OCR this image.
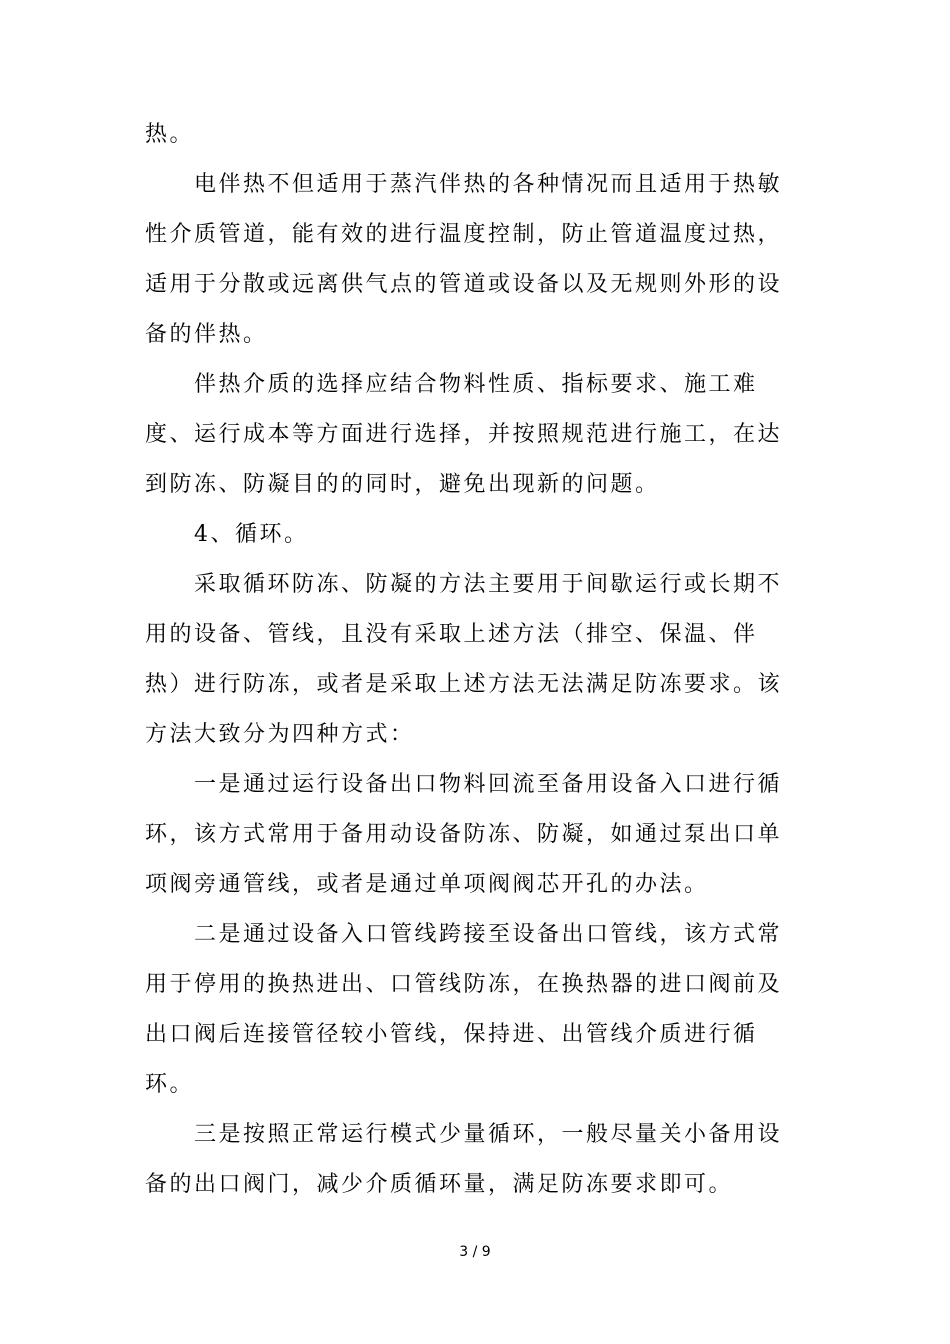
热。
电伴热不但适用于蒸汽伴热的各种情况而且适用于热敏
性介质管道，能有效的进行温度控制，防止管道温度过热，
适用于分散或远离供气点的管道或设备以及无规则外形的设
备的伴热。
伴热介质的选择应结合物料性质、指标要求、施工难
度、运行成本等方面进行选择，并按照规范进行施工，在达
到防冻、防凝目的的同时，避免出现新的问题。
4、循环。
采取循环防冻、防凝的方法主要用于间歇运行或长期不
用的设备、管线，且没有采取上述方法（排空、保温、伴
热）进行防冻，或者是采取上述方法无法满足防冻要求。该
方法大致分为四种方式：
一是通过运行设备出口物料回流至备用设备入口进行循
环，该方式常用于备用动设备防冻、防凝，如通过泵出口单
项阀旁通管线，或者是通过单项阀阀芯开孔的办法。
二是通过设备入口管线跨接至设备出口管线，该方式常
用于停用的换热进出、口管线防冻，在换热器的进口阀前及
出口阀后连接管径较小管线，保持进、出管线介质进行循
环。
三是按照正常运行模式少量循环，一般尽量关小备用设
备的出口阀门，减少介质循环量，满足防冻要求即可。
3 / 9
